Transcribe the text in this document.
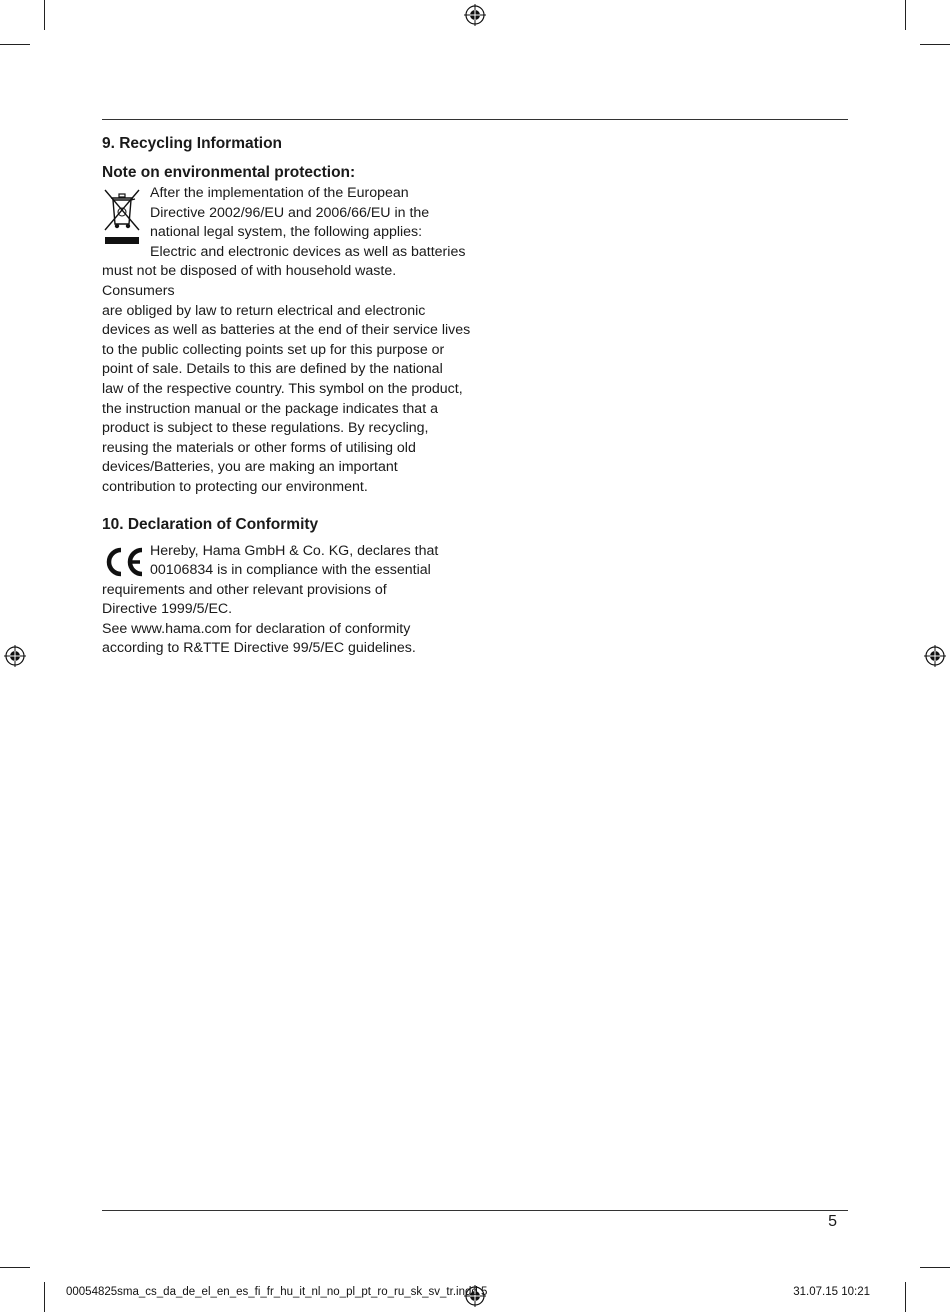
9. Recycling Information
Note on environmental protection:

After the implementation of the European

Directive 2002/96/EU and 2006/66/EU in the

national legal system, the following applies:

Electric and electronic devices as well as batteries

must not be disposed of with household waste. Consumers

are obliged by law to return electrical and electronic

devices as well as batteries at the end of their service lives

to the public collecting points set up for this purpose or

point of sale. Details to this are defined by the national

law of the respective country. This symbol on the product,

the instruction manual or the package indicates that a

product is subject to these regulations. By recycling,

reusing the materials or other forms of utilising old

devices/Batteries, you are making an important

contribution to protecting our environment.

10. Declaration of Conformity

Hereby, Hama GmbH & Co. KG, declares that

00106834 is in compliance with the essential

requirements and other relevant provisions of

Directive 1999/5/EC.

See www.hama.com for declaration of conformity

according to R&TTE Directive 99/5/EC guidelines.

5
00054825sma_cs_da_de_el_en_es_fi_fr_hu_it_nl_no_pl_pt_ro_ru_sk_sv_tr.indd 5	31.07.15 10:21
